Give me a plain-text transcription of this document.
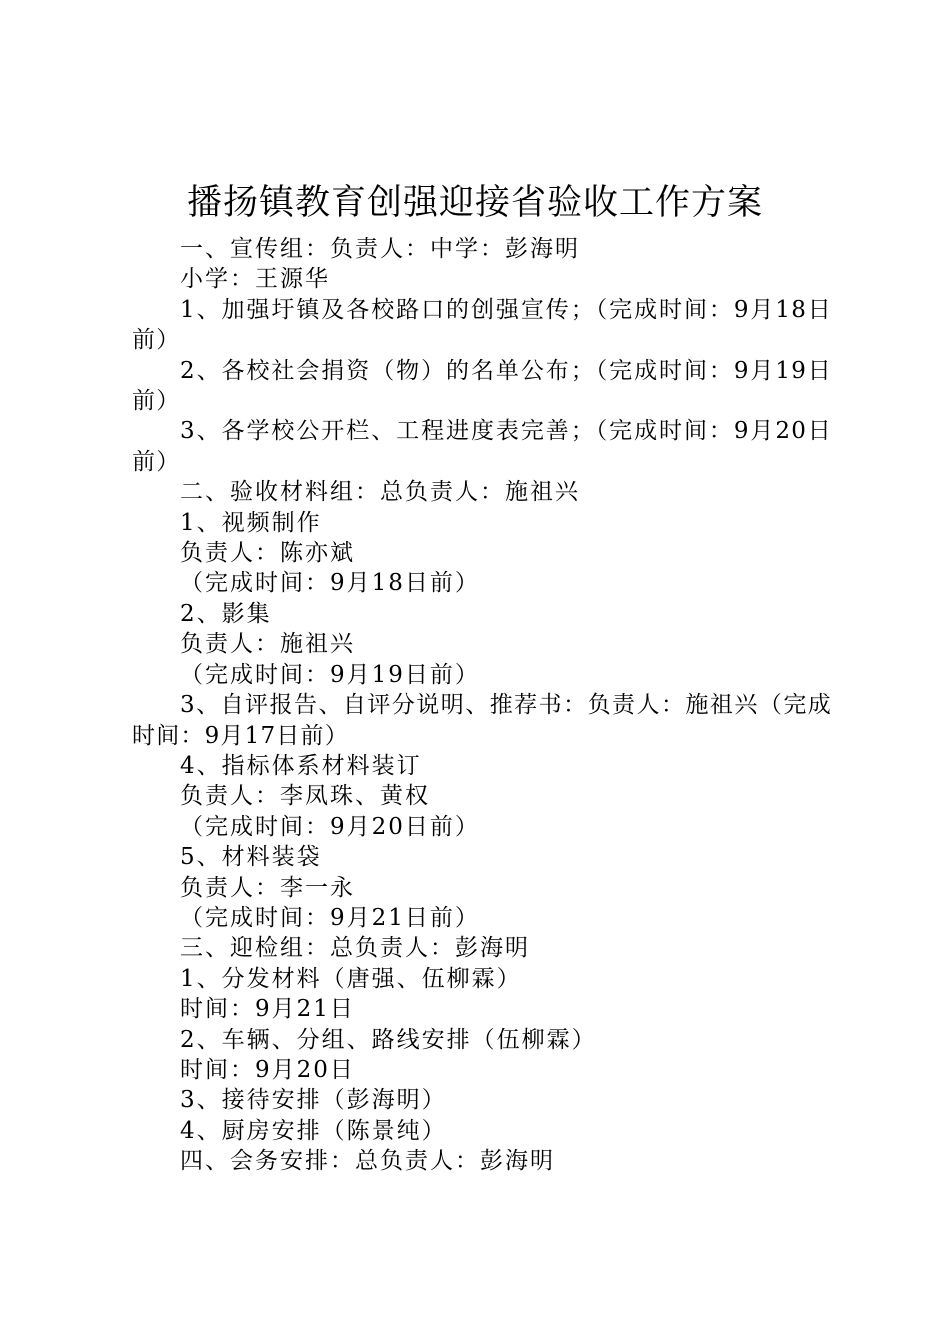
播扬镇教育创强迎接省验收工作方案

一、宣传组：负责人：中学：彭海明

小学：王源华

1、加强圩镇及各校路口的创强宣传；（完成时间：9月18日前）

2、各校社会捐资（物）的名单公布；（完成时间：9月19日前）

3、各学校公开栏、工程进度表完善；（完成时间：9月20日前）

二、验收材料组：总负责人：施祖兴

1、视频制作

负责人：陈亦斌

（完成时间：9月18日前）

2、影集

负责人：施祖兴

（完成时间：9月19日前）

3、自评报告、自评分说明、推荐书：负责人：施祖兴（完成时间：9月17日前）

4、指标体系材料装订

负责人：李凤珠、黄权

（完成时间：9月20日前）

5、材料装袋

负责人：李一永

（完成时间：9月21日前）

三、迎检组：总负责人：彭海明

1、分发材料（唐强、伍柳霖）

时间：9月21日

2、车辆、分组、路线安排（伍柳霖）

时间：9月20日

3、接待安排（彭海明）

4、厨房安排（陈景纯）

四、会务安排：总负责人：彭海明
